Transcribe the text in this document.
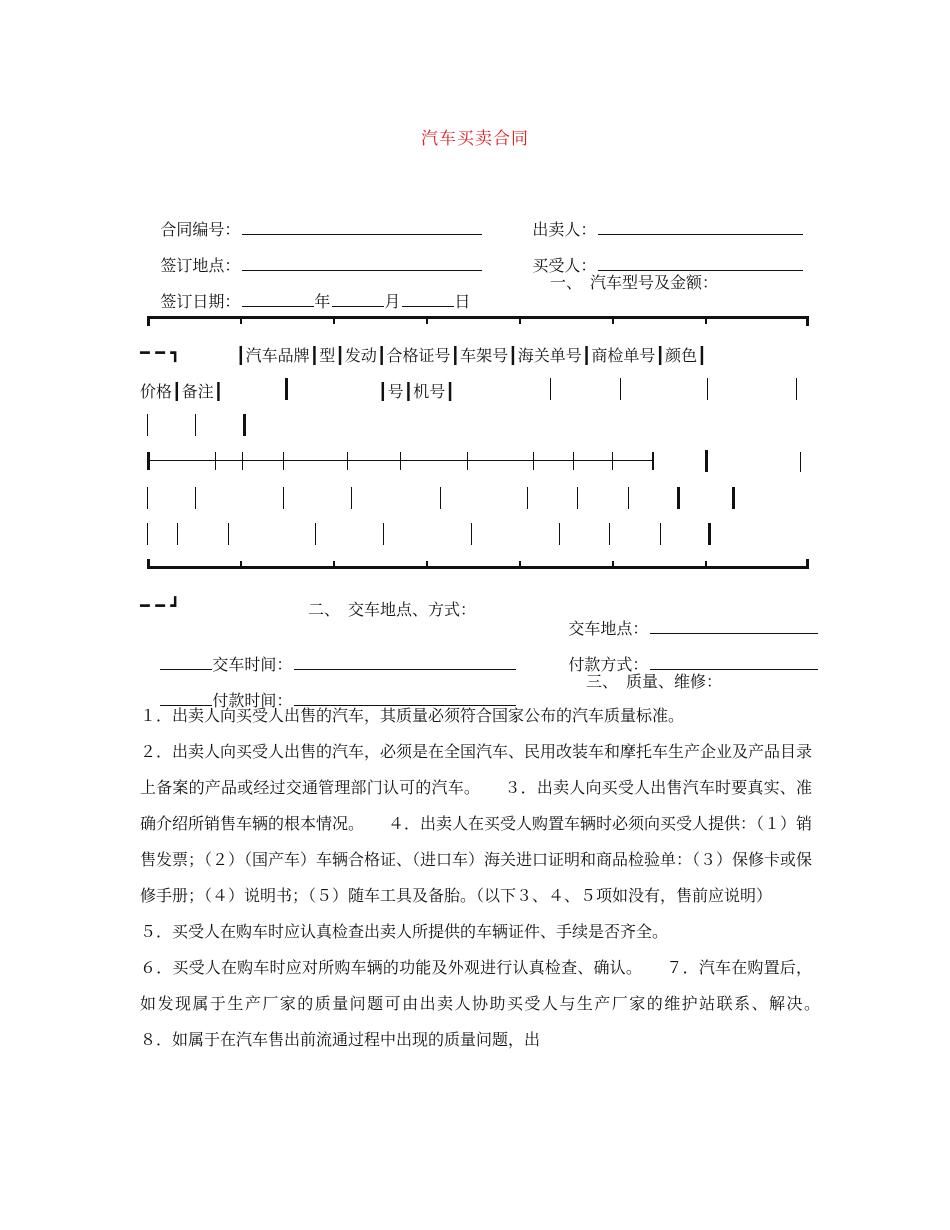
汽车买卖合同

合同编号：
	出卖人：

签订地点：
	买受人：

签订日期：	年	月	日

一、　汽车型号及金额：
━ ━ ┓	┃汽车品牌┃型┃发动┃合格证号┃车架号┃海关单号┃商检单号┃颜色┃
价格┃备注┃	┃号┃机号┃
━ ━ ┛	二、　交车地点、方式：

交车地点：

交车时间：
	付款方式：

付款时间：

三、　质量、维修：

１．出卖人向买受人出售的汽车，其质量必须符合国家公布的汽车质量标准。

２．出卖人向买受人出售的汽车，必须是在全国汽车、民用改装车和摩托车生产企业及产品目录上备案的产品或经过交通管理部门认可的汽车。　　３．出卖人向买受人出售汽车时要真实、准确介绍所销售车辆的根本情况。　　４．出卖人在买受人购置车辆时必须向买受人提供：（１）销售发票；（２）（国产车）车辆合格证、（进口车）海关进口证明和商品检验单：（３）保修卡或保修手册；（４）说明书；（５）随车工具及备胎。（以下３、４、５项如没有，售前应说明）

５．买受人在购车时应认真检查出卖人所提供的车辆证件、手续是否齐全。

６．买受人在购车时应对所购车辆的功能及外观进行认真检查、确认。　　７．汽车在购置后，如发现属于生产厂家的质量问题可由出卖人协助买受人与生产厂家的维护站联系、解决。　　８．如属于在汽车售出前流通过程中出现的质量问题，出
